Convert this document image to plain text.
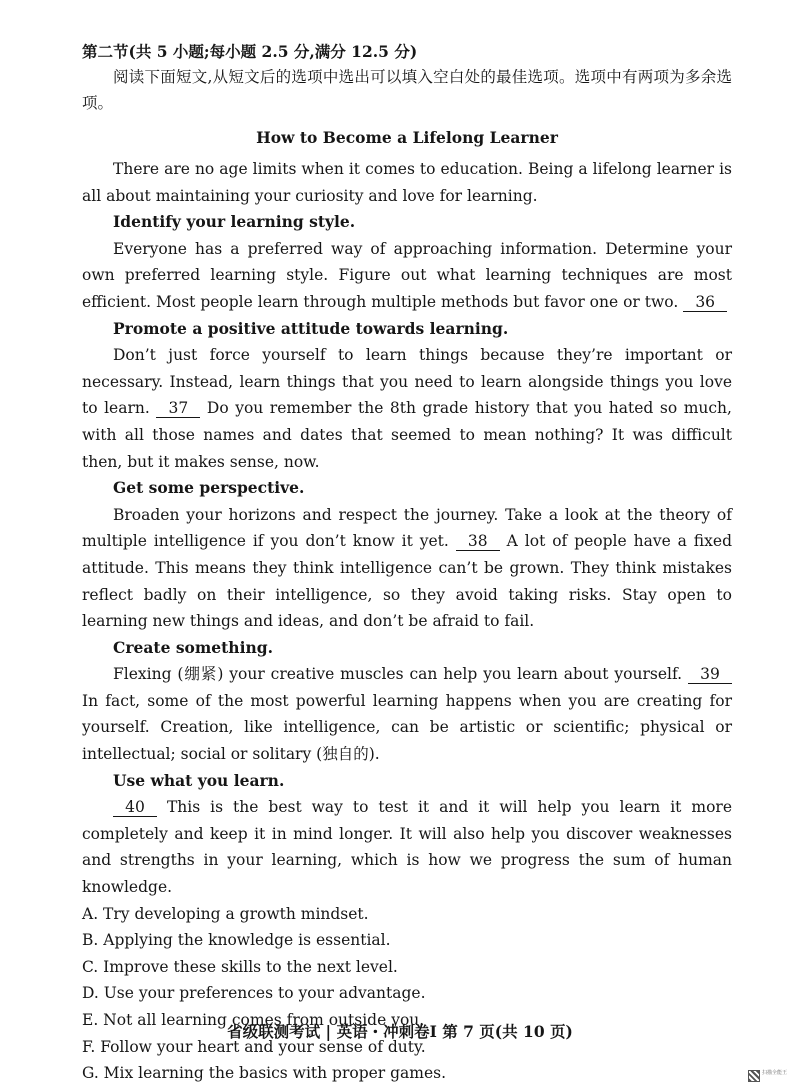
第二节(共 5 小题;每小题 2.5 分,满分 12.5 分)

阅读下面短文,从短文后的选项中选出可以填入空白处的最佳选项。选项中有两项为多余选项。

How to Become a Lifelong Learner

There are no age limits when it comes to education. Being a lifelong learner is all about maintaining your curiosity and love for learning.

Identify your learning style.

Everyone has a preferred way of approaching information. Determine your own preferred learning style. Figure out what learning techniques are most efficient. Most people learn through multiple methods but favor one or two. 36

Promote a positive attitude towards learning.

Don’t just force yourself to learn things because they’re important or necessary. Instead, learn things that you need to learn alongside things you love to learn. 37 Do you remember the 8th grade history that you hated so much, with all those names and dates that seemed to mean nothing? It was difficult then, but it makes sense, now.

Get some perspective.

Broaden your horizons and respect the journey. Take a look at the theory of multiple intelligence if you don’t know it yet. 38 A lot of people have a fixed attitude. This means they think intelligence can’t be grown. They think mistakes reflect badly on their intelligence, so they avoid taking risks. Stay open to learning new things and ideas, and don’t be afraid to fail.

Create something.

Flexing (绷紧) your creative muscles can help you learn about yourself. 39 In fact, some of the most powerful learning happens when you are creating for yourself. Creation, like intelligence, can be artistic or scientific; physical or intellectual; social or solitary (独自的).

Use what you learn.

40 This is the best way to test it and it will help you learn it more completely and keep it in mind longer. It will also help you discover weaknesses and strengths in your learning, which is how we progress the sum of human knowledge.

A. Try developing a growth mindset.

B. Applying the knowledge is essential.

C. Improve these skills to the next level.

D. Use your preferences to your advantage.

E. Not all learning comes from outside you.

F. Follow your heart and your sense of duty.

G. Mix learning the basics with proper games.

省级联测考试 | 英语・冲刺卷Ⅰ 第 7 页(共 10 页)
扫描全能王
